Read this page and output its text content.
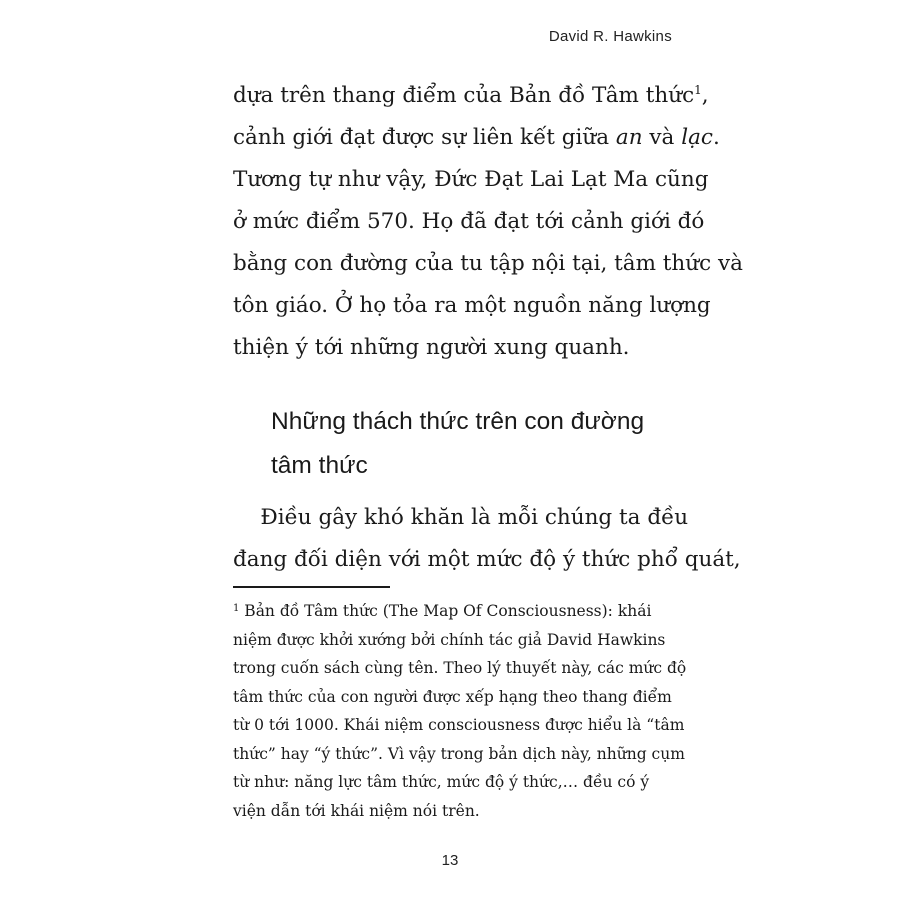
David R. Hawkins
dựa trên thang điểm của Bản đồ Tâm thức$^1$,
cảnh giới đạt được sự liên kết giữa an và lạc.
Tương tự như vậy, Đức Đạt Lai Lạt Ma cũng
ở mức điểm 570. Họ đã đạt tới cảnh giới đó
bằng con đường của tu tập nội tại, tâm thức và
tôn giáo. Ở họ tỏa ra một nguồn năng lượng
thiện ý tới những người xung quanh.
Những thách thức trên con đường
tâm thức
Điều gây khó khăn là mỗi chúng ta đều
đang đối diện với một mức độ ý thức phổ quát,
$^1$ Bản đồ Tâm thức (The Map Of Consciousness): khái
niệm được khởi xướng bởi chính tác giả David Hawkins
trong cuốn sách cùng tên. Theo lý thuyết này, các mức độ
tâm thức của con người được xếp hạng theo thang điểm
từ 0 tới 1000. Khái niệm consciousness được hiểu là “tâm
thức” hay “ý thức”. Vì vậy trong bản dịch này, những cụm
từ như: năng lực tâm thức, mức độ ý thức,… đều có ý
viện dẫn tới khái niệm nói trên.
13
